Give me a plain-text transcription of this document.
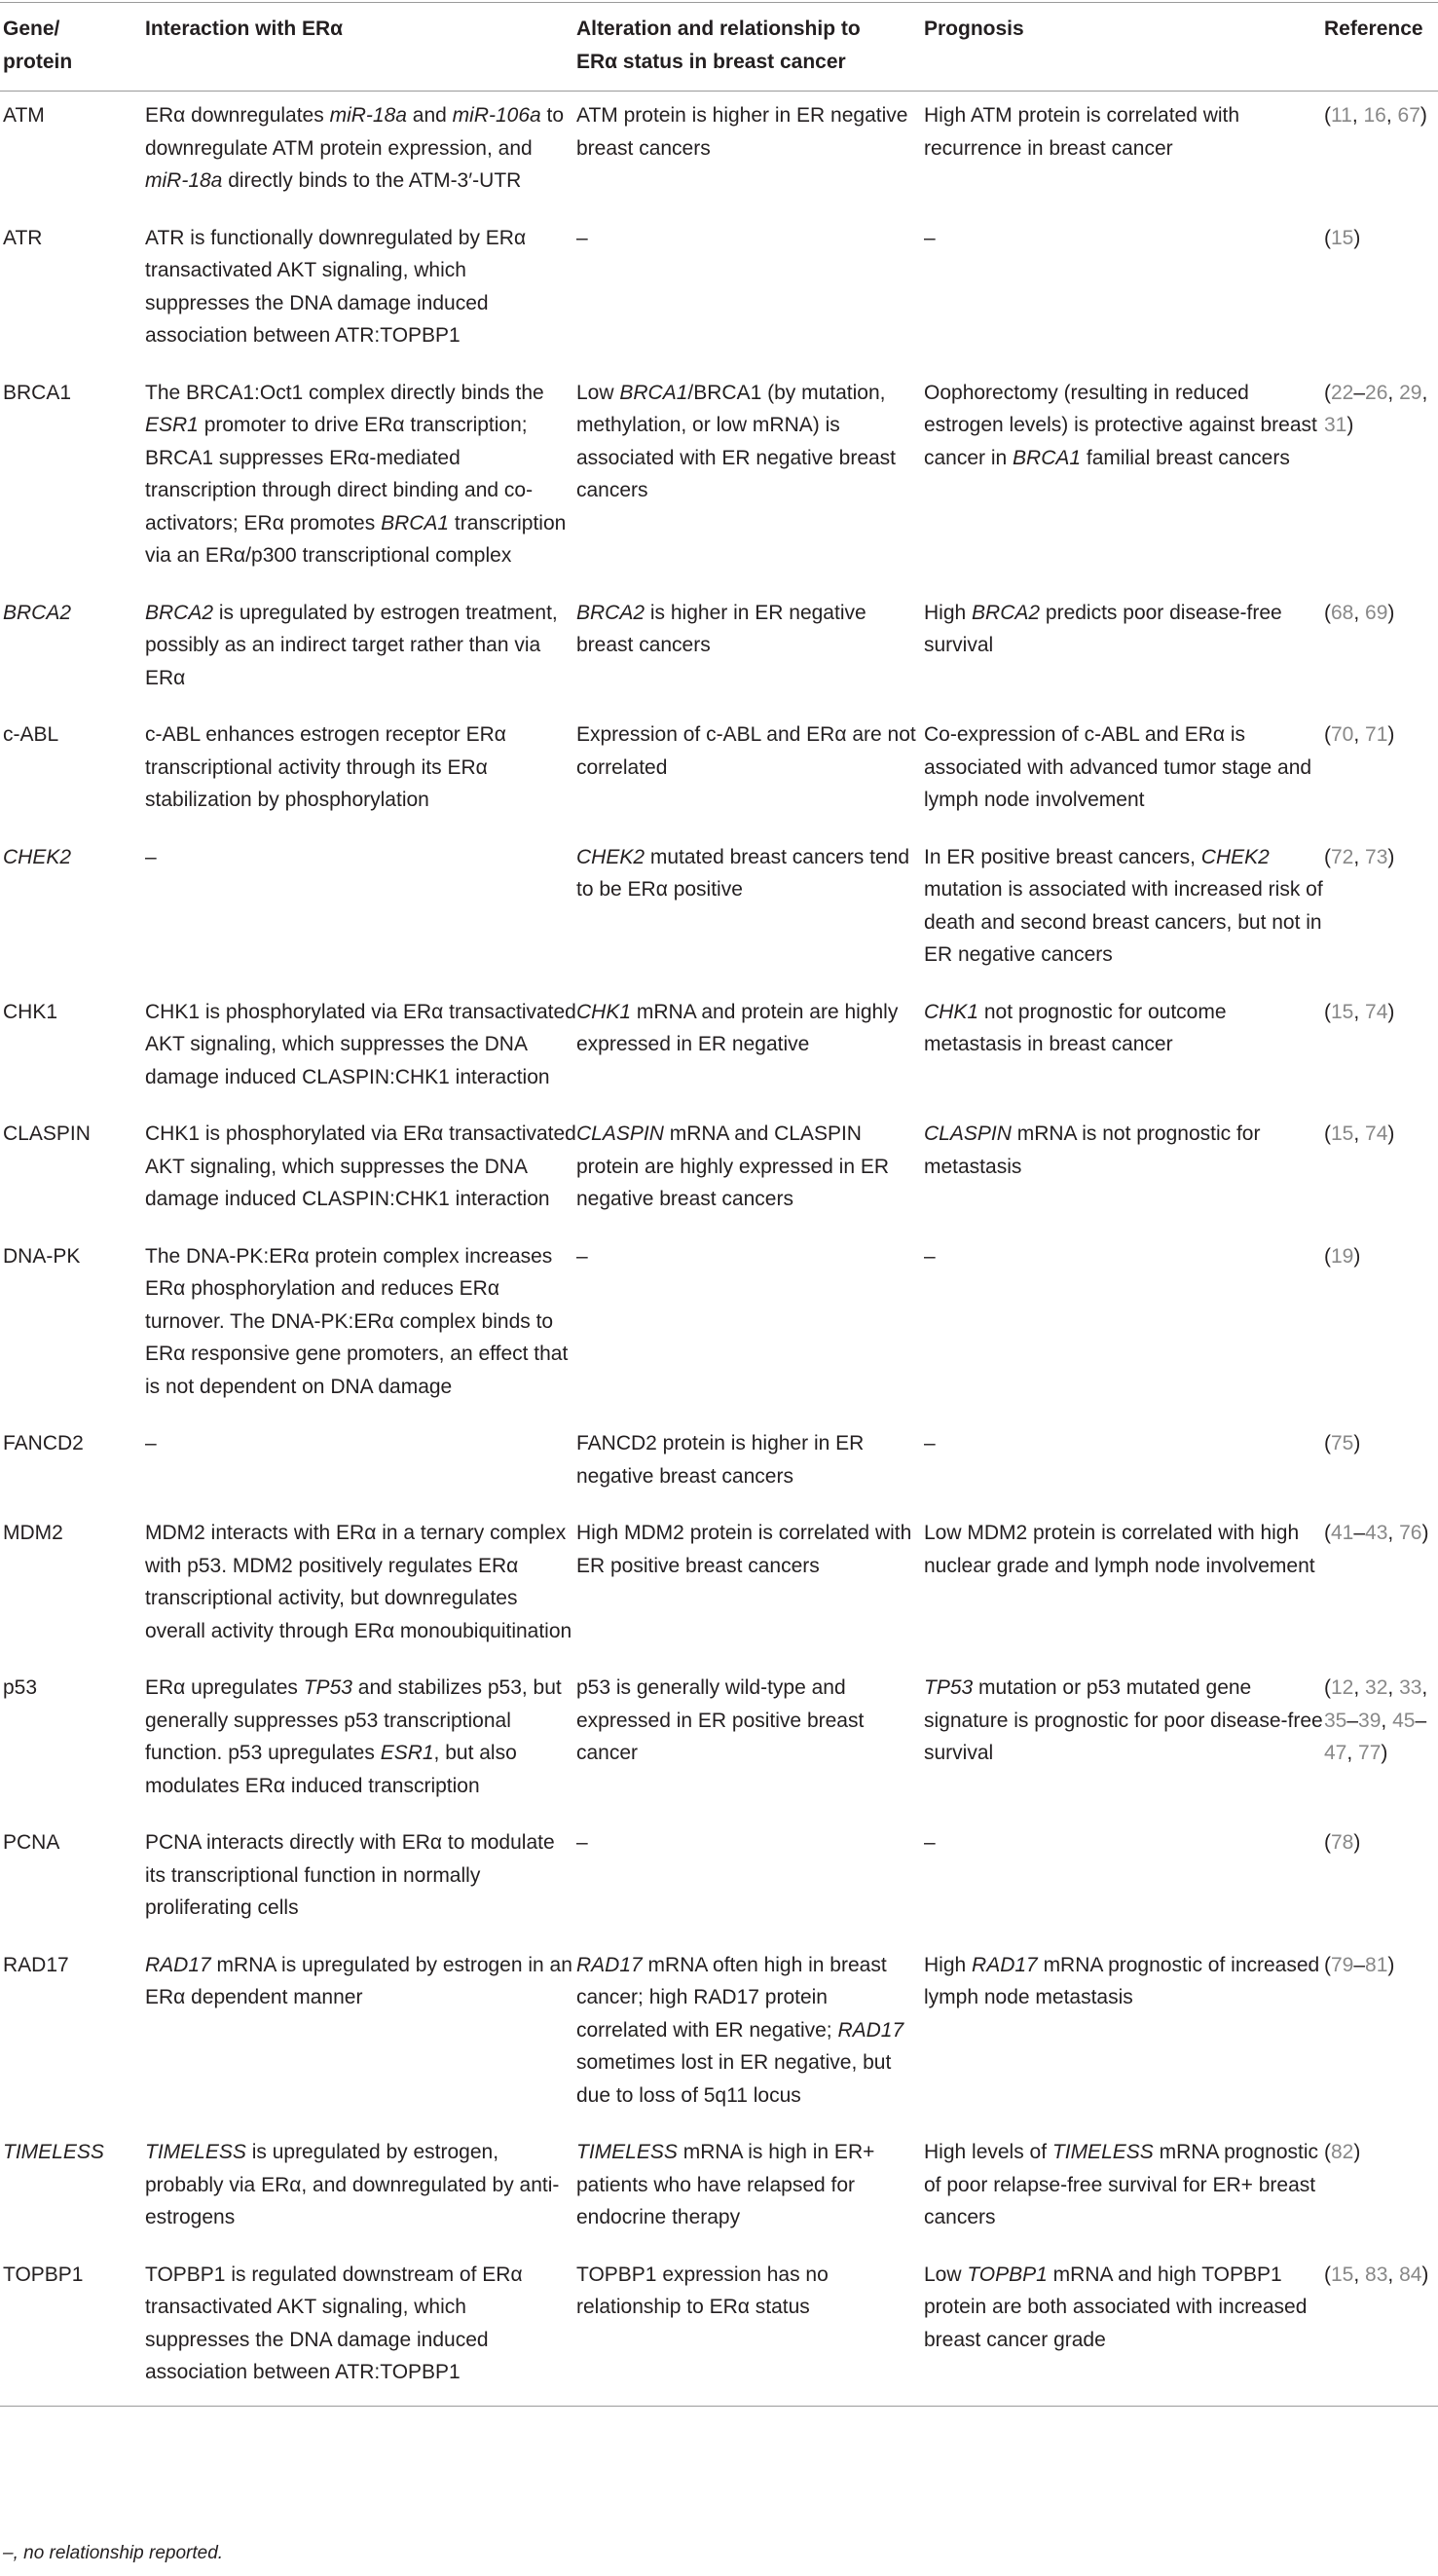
Gene/
protein	Interaction with ERα	Alteration and relationship to
ERα status in breast cancer	Prognosis	Reference
ATM	ERα downregulates miR-18a and miR-106a to downregulate ATM protein expression, and miR-18a directly binds to the ATM-3′-UTR	ATM protein is higher in ER negative breast cancers	High ATM protein is correlated with recurrence in breast cancer	(11, 16, 67)
ATR	ATR is functionally downregulated by ERα transactivated AKT signaling, which suppresses the DNA damage induced association between ATR:TOPBP1	–	–	(15)
BRCA1	The BRCA1:Oct1 complex directly binds the ESR1 promoter to drive ERα transcription; BRCA1 suppresses ERα-mediated transcription through direct binding and co-activators; ERα promotes BRCA1 transcription via an ERα/p300 transcriptional complex	Low BRCA1/BRCA1 (by mutation, methylation, or low mRNA) is associated with ER negative breast cancers	Oophorectomy (resulting in reduced estrogen levels) is protective against breast cancer in BRCA1 familial breast cancers	(22–26, 29, 31)
BRCA2	BRCA2 is upregulated by estrogen treatment, possibly as an indirect target rather than via ERα	BRCA2 is higher in ER negative breast cancers	High BRCA2 predicts poor disease-free survival	(68, 69)
c-ABL	c-ABL enhances estrogen receptor ERα transcriptional activity through its ERα stabilization by phosphorylation	Expression of c-ABL and ERα are not correlated	Co-expression of c-ABL and ERα is associated with advanced tumor stage and lymph node involvement	(70, 71)
CHEK2	–	CHEK2 mutated breast cancers tend to be ERα positive	In ER positive breast cancers, CHEK2 mutation is associated with increased risk of death and second breast cancers, but not in ER negative cancers	(72, 73)
CHK1	CHK1 is phosphorylated via ERα transactivated AKT signaling, which suppresses the DNA damage induced CLASPIN:CHK1 interaction	CHK1 mRNA and protein are highly expressed in ER negative	CHK1 not prognostic for outcome metastasis in breast cancer	(15, 74)
CLASPIN	CHK1 is phosphorylated via ERα transactivated AKT signaling, which suppresses the DNA damage induced CLASPIN:CHK1 interaction	CLASPIN mRNA and CLASPIN protein are highly expressed in ER negative breast cancers	CLASPIN mRNA is not prognostic for metastasis	(15, 74)
DNA-PK	The DNA-PK:ERα protein complex increases ERα phosphorylation and reduces ERα turnover. The DNA-PK:ERα complex binds to ERα responsive gene promoters, an effect that is not dependent on DNA damage	–	–	(19)
FANCD2	–	FANCD2 protein is higher in ER negative breast cancers	–	(75)
MDM2	MDM2 interacts with ERα in a ternary complex with p53. MDM2 positively regulates ERα transcriptional activity, but downregulates overall activity through ERα monoubiquitination	High MDM2 protein is correlated with ER positive breast cancers	Low MDM2 protein is correlated with high nuclear grade and lymph node involvement	(41–43, 76)
p53	ERα upregulates TP53 and stabilizes p53, but generally suppresses p53 transcriptional function. p53 upregulates ESR1, but also modulates ERα induced transcription	p53 is generally wild-type and expressed in ER positive breast cancer	TP53 mutation or p53 mutated gene signature is prognostic for poor disease-free survival	(12, 32, 33, 35–39, 45–47, 77)
PCNA	PCNA interacts directly with ERα to modulate its transcriptional function in normally proliferating cells	–	–	(78)
RAD17	RAD17 mRNA is upregulated by estrogen in an ERα dependent manner	RAD17 mRNA often high in breast cancer; high RAD17 protein correlated with ER negative; RAD17 sometimes lost in ER negative, but due to loss of 5q11 locus	High RAD17 mRNA prognostic of increased lymph node metastasis	(79–81)
TIMELESS	TIMELESS is upregulated by estrogen, probably via ERα, and downregulated by anti-estrogens	TIMELESS mRNA is high in ER+ patients who have relapsed for endocrine therapy	High levels of TIMELESS mRNA prognostic of poor relapse-free survival for ER+ breast cancers	(82)
TOPBP1	TOPBP1 is regulated downstream of ERα transactivated AKT signaling, which suppresses the DNA damage induced association between ATR:TOPBP1	TOPBP1 expression has no relationship to ERα status	Low TOPBP1 mRNA and high TOPBP1 protein are both associated with increased breast cancer grade	(15, 83, 84)
–, no relationship reported.
